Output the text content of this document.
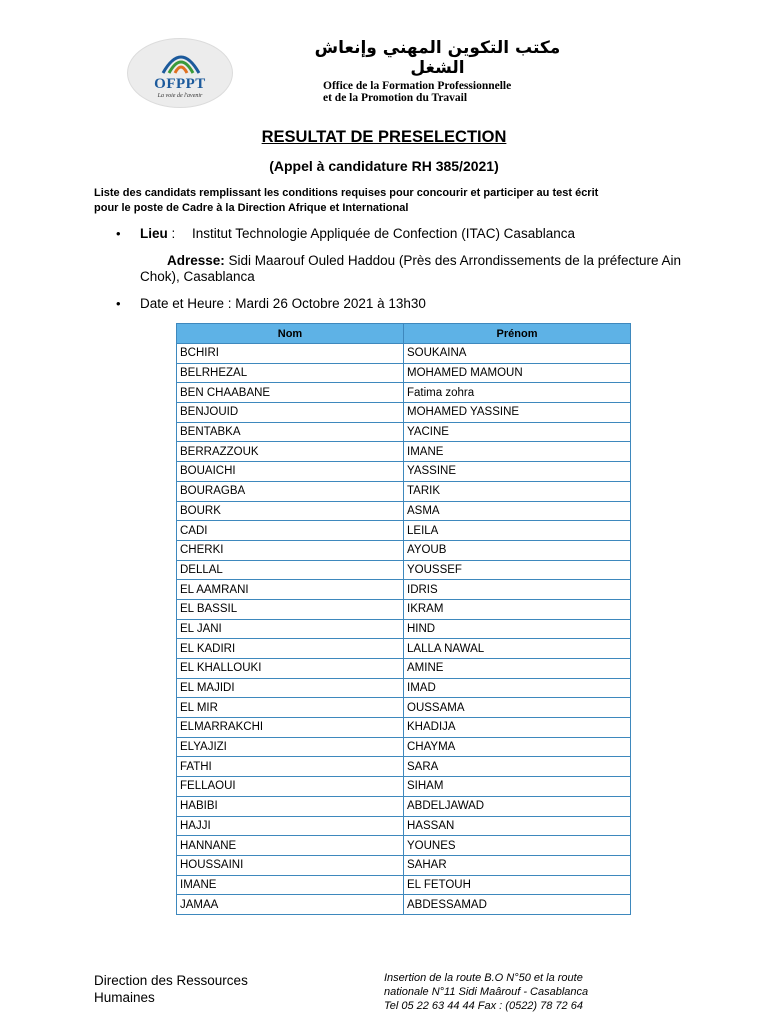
OFPPT
La voie de l'avenir
مكتب التكوين المهني وإنعاش الشغل
Office de la Formation Professionnelle
et de la Promotion du Travail
RESULTAT DE PRESELECTION
(Appel à candidature RH 385/2021)
Liste des candidats remplissant les conditions requises pour concourir et participer au test écrit
pour le poste de Cadre à la Direction Afrique et International
• Lieu : Institut Technologie Appliquée de Confection (ITAC) Casablanca
Adresse: Sidi Maarouf Ouled Haddou (Près des Arrondissements de la préfecture Ain
Chok), Casablanca
• Date et Heure : Mardi 26 Octobre 2021 à 13h30
Nom	Prénom
BCHIRI	SOUKAINA
BELRHEZAL	MOHAMED MAMOUN
BEN CHAABANE	Fatima zohra
BENJOUID	MOHAMED YASSINE
BENTABKA	YACINE
BERRAZZOUK	IMANE
BOUAICHI	YASSINE
BOURAGBA	TARIK
BOURK	ASMA
CADI	LEILA
CHERKI	AYOUB
DELLAL	YOUSSEF
EL AAMRANI	IDRIS
EL BASSIL	IKRAM
EL JANI	HIND
EL KADIRI	LALLA NAWAL
EL KHALLOUKI	AMINE
EL MAJIDI	IMAD
EL MIR	OUSSAMA
ELMARRAKCHI	KHADIJA
ELYAJIZI	CHAYMA
FATHI	SARA
FELLAOUI	SIHAM
HABIBI	ABDELJAWAD
HAJJI	HASSAN
HANNANE	YOUNES
HOUSSAINI	SAHAR
IMANE	EL FETOUH
JAMAA	ABDESSAMAD
Direction des Ressources
Humaines
Insertion de la route B.O N°50 et la route
nationale N°11 Sidi Maârouf - Casablanca
Tel 05 22 63 44 44 Fax : (0522) 78 72 64
